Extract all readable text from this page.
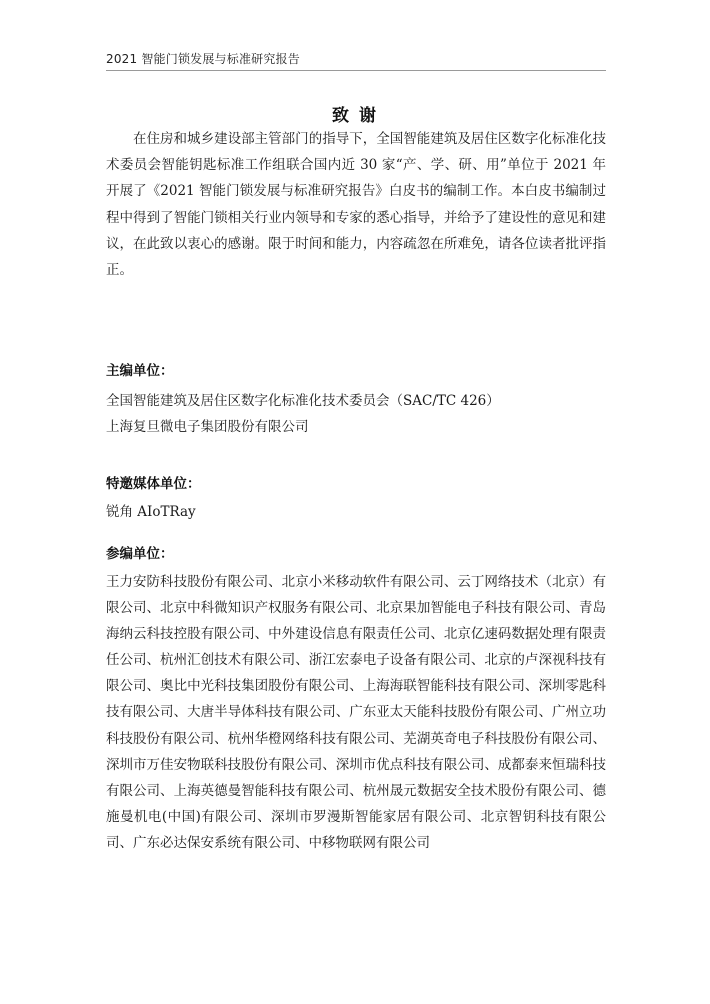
2021 智能门锁发展与标准研究报告
致 谢

在住房和城乡建设部主管部门的指导下，全国智能建筑及居住区数字化标准化技术委员会智能钥匙标准工作组联合国内近 30 家“产、学、研、用”单位于 2021 年开展了《2021 智能门锁发展与标准研究报告》白皮书的编制工作。本白皮书编制过程中得到了智能门锁相关行业内领导和专家的悉心指导，并给予了建设性的意见和建议，在此致以衷心的感谢。限于时间和能力，内容疏忽在所难免，请各位读者批评指正。

主编单位：
全国智能建筑及居住区数字化标准化技术委员会（SAC/TC 426）
上海复旦微电子集团股份有限公司
特邀媒体单位：
锐角 AIoTRay
参编单位：

王力安防科技股份有限公司、北京小米移动软件有限公司、云丁网络技术（北京）有限公司、北京中科微知识产权服务有限公司、北京果加智能电子科技有限公司、青岛海纳云科技控股有限公司、中外建设信息有限责任公司、北京亿速码数据处理有限责任公司、杭州汇创技术有限公司、浙江宏泰电子设备有限公司、北京的卢深视科技有限公司、奥比中光科技集团股份有限公司、上海海联智能科技有限公司、深圳零匙科技有限公司、大唐半导体科技有限公司、广东亚太天能科技股份有限公司、广州立功科技股份有限公司、杭州华橙网络科技有限公司、芜湖英奇电子科技股份有限公司、深圳市万佳安物联科技股份有限公司、深圳市优点科技有限公司、成都泰来恒瑞科技有限公司、上海英德曼智能科技有限公司、杭州晟元数据安全技术股份有限公司、德施曼机电(中国)有限公司、深圳市罗漫斯智能家居有限公司、北京智钥科技有限公司、广东必达保安系统有限公司、中移物联网有限公司
